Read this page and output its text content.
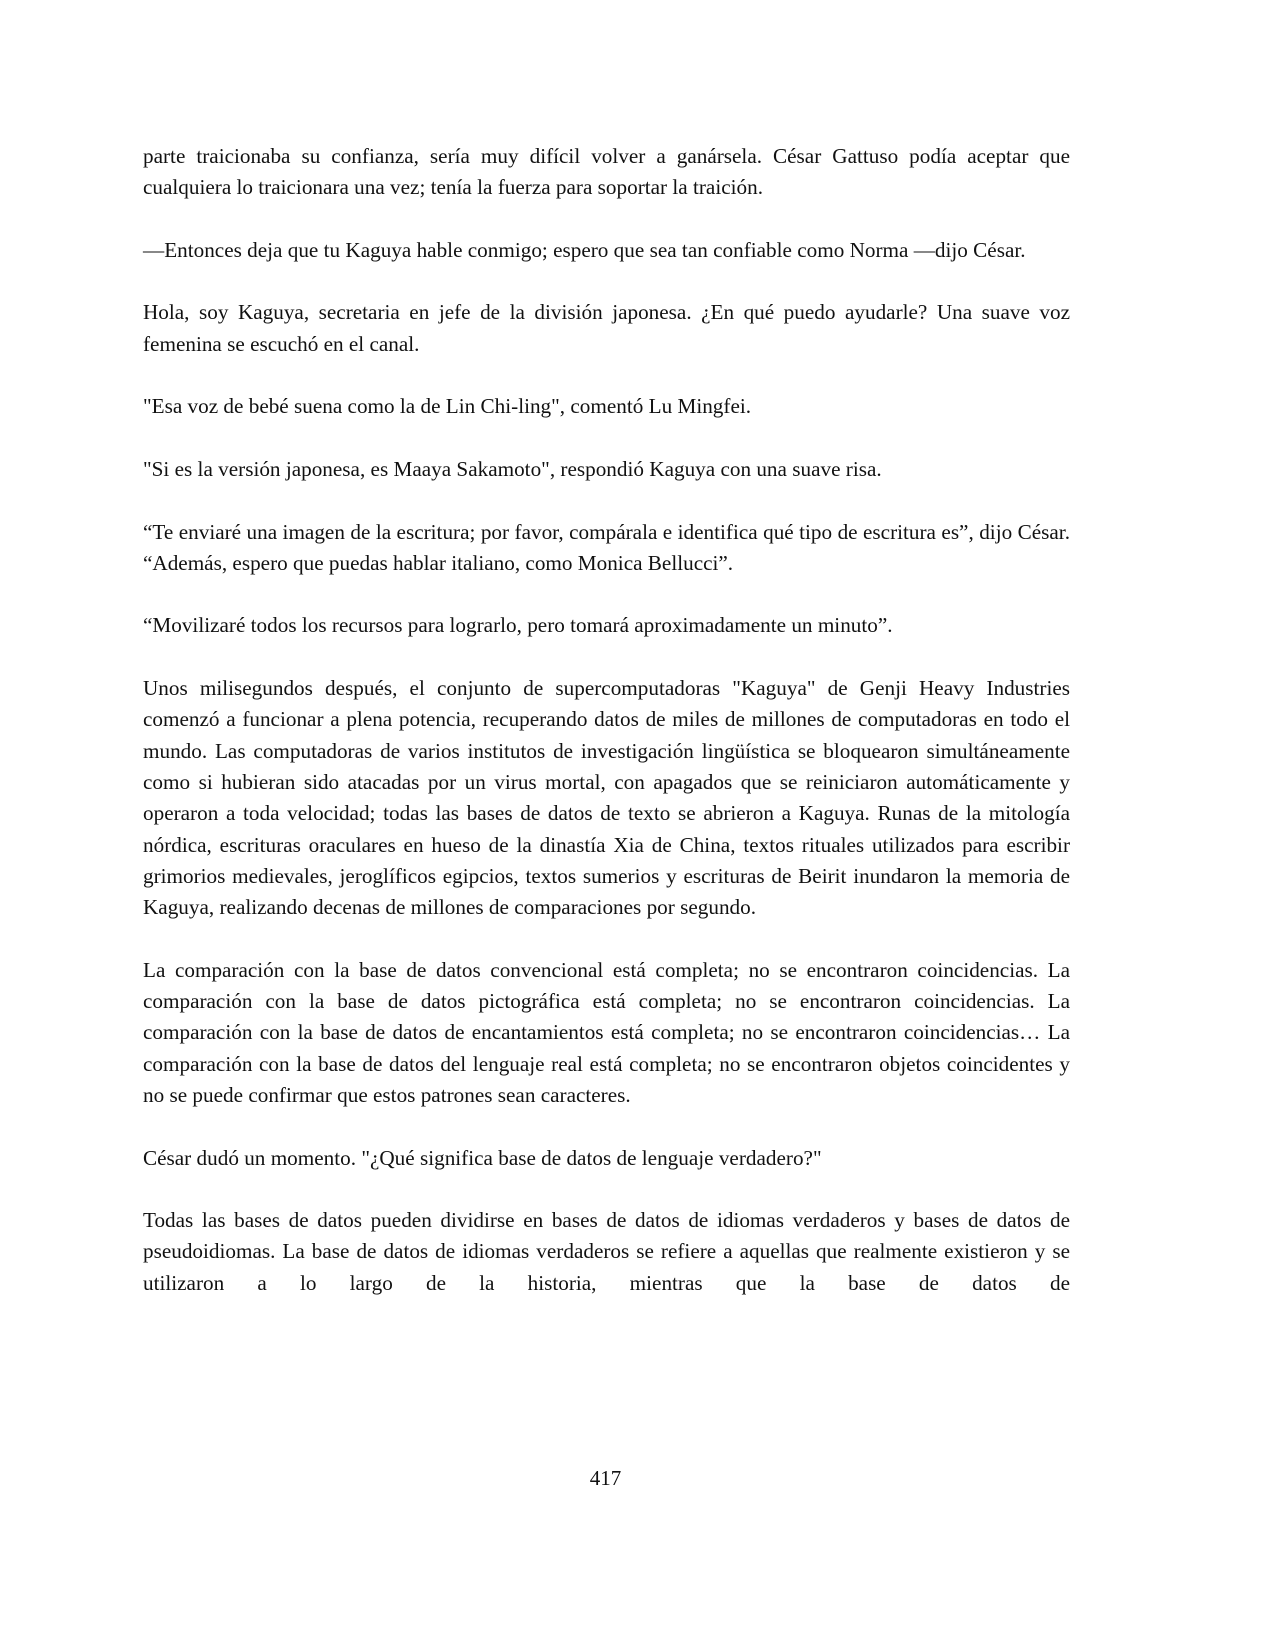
parte traicionaba su confianza, sería muy difícil volver a ganársela. César Gattuso podía aceptar que cualquiera lo traicionara una vez; tenía la fuerza para soportar la traición.

—Entonces deja que tu Kaguya hable conmigo; espero que sea tan confiable como Norma —dijo César.

Hola, soy Kaguya, secretaria en jefe de la división japonesa. ¿En qué puedo ayudarle? Una suave voz femenina se escuchó en el canal.

"Esa voz de bebé suena como la de Lin Chi-ling", comentó Lu Mingfei.

"Si es la versión japonesa, es Maaya Sakamoto", respondió Kaguya con una suave risa.

“Te enviaré una imagen de la escritura; por favor, compárala e identifica qué tipo de escritura es”, dijo César. “Además, espero que puedas hablar italiano, como Monica Bellucci”.

“Movilizaré todos los recursos para lograrlo, pero tomará aproximadamente un minuto”.

Unos milisegundos después, el conjunto de supercomputadoras "Kaguya" de Genji Heavy Industries comenzó a funcionar a plena potencia, recuperando datos de miles de millones de computadoras en todo el mundo. Las computadoras de varios institutos de investigación lingüística se bloquearon simultáneamente como si hubieran sido atacadas por un virus mortal, con apagados que se reiniciaron automáticamente y operaron a toda velocidad; todas las bases de datos de texto se abrieron a Kaguya. Runas de la mitología nórdica, escrituras oraculares en hueso de la dinastía Xia de China, textos rituales utilizados para escribir grimorios medievales, jeroglíficos egipcios, textos sumerios y escrituras de Beirit inundaron la memoria de Kaguya, realizando decenas de millones de comparaciones por segundo.

La comparación con la base de datos convencional está completa; no se encontraron coincidencias. La comparación con la base de datos pictográfica está completa; no se encontraron coincidencias. La comparación con la base de datos de encantamientos está completa; no se encontraron coincidencias… La comparación con la base de datos del lenguaje real está completa; no se encontraron objetos coincidentes y no se puede confirmar que estos patrones sean caracteres.

César dudó un momento. "¿Qué significa base de datos de lenguaje verdadero?"

Todas las bases de datos pueden dividirse en bases de datos de idiomas verdaderos y bases de datos de pseudoidiomas. La base de datos de idiomas verdaderos se refiere a aquellas que realmente existieron y se utilizaron a lo largo de la historia, mientras que la base de datos de

417
